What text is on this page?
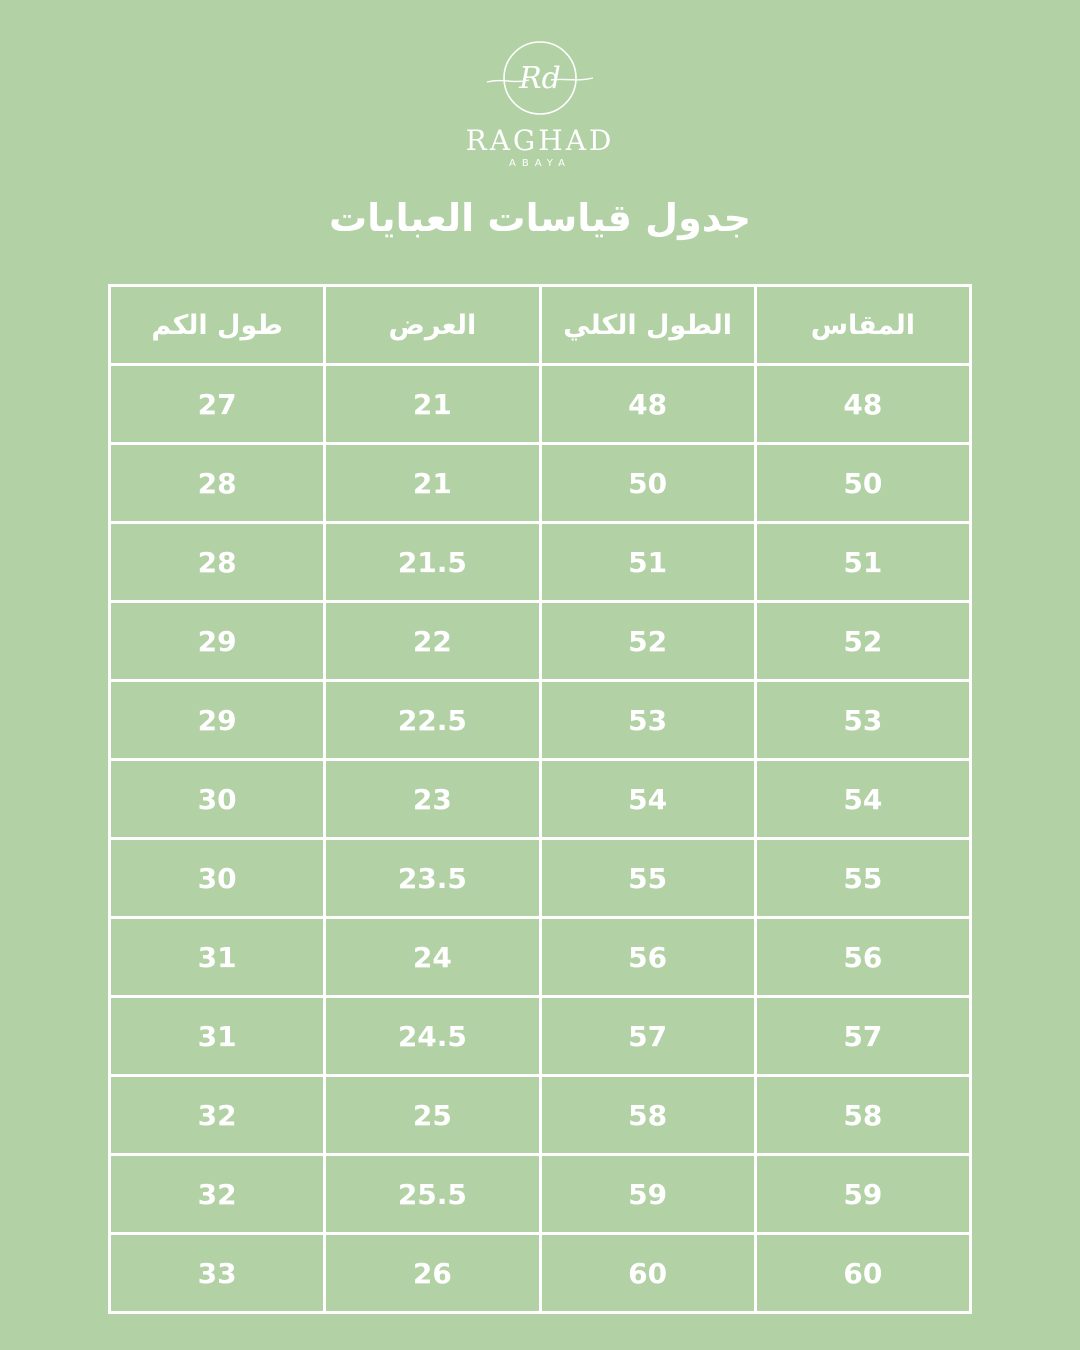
Rd
RAGHAD
ABAYA
جدول قياسات العبايات
المقاس	الطول الكلي	العرض	طول الكم
48	48	21	27
50	50	21	28
51	51	21.5	28
52	52	22	29
53	53	22.5	29
54	54	23	30
55	55	23.5	30
56	56	24	31
57	57	24.5	31
58	58	25	32
59	59	25.5	32
60	60	26	33
